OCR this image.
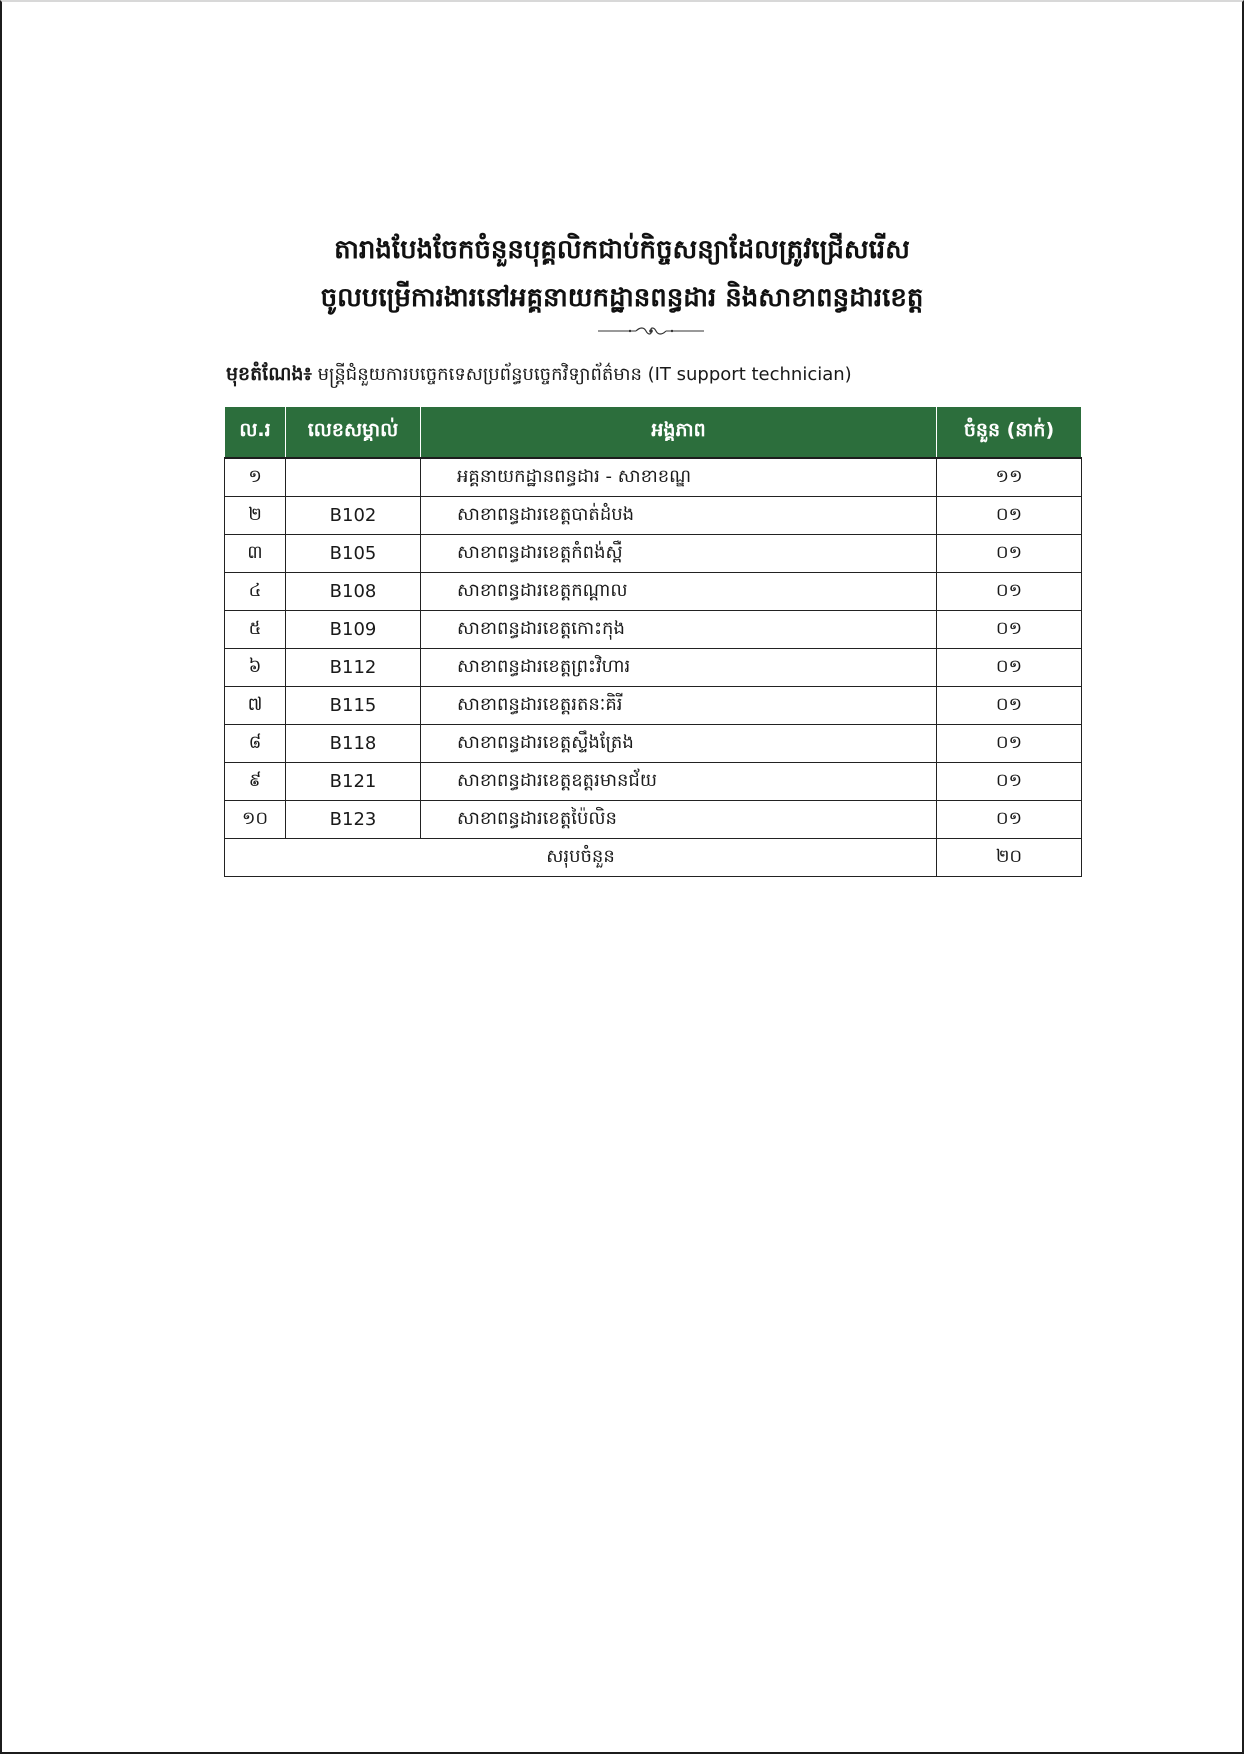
តារាងបែងចែកចំនួនបុគ្គលិកជាប់កិច្ចសន្យាដែលត្រូវជ្រើសរើស
ចូលបម្រើការងារនៅអគ្គនាយកដ្ឋានពន្ធដារ និងសាខាពន្ធដារខេត្ត
មុខតំណែង៖ មន្ត្រីជំនួយការបច្ចេកទេសប្រព័ន្ធបច្ចេកវិទ្យាព័ត៌មាន (IT support technician)
ល.រ	លេខសម្គាល់	អង្គភាព	ចំនួន (នាក់)
១		អគ្គនាយកដ្ឋានពន្ធដារ - សាខាខណ្ឌ	១១
២	B102	សាខាពន្ធដារខេត្តបាត់ដំបង	០១
៣	B105	សាខាពន្ធដារខេត្តកំពង់ស្ពឺ	០១
៤	B108	សាខាពន្ធដារខេត្តកណ្តាល	០១
៥	B109	សាខាពន្ធដារខេត្តកោះកុង	០១
៦	B112	សាខាពន្ធដារខេត្តព្រះវិហារ	០១
៧	B115	សាខាពន្ធដារខេត្តរតនៈគិរី	០១
៨	B118	សាខាពន្ធដារខេត្តស្ទឹងត្រែង	០១
៩	B121	សាខាពន្ធដារខេត្តឧត្តរមានជ័យ	០១
១០	B123	សាខាពន្ធដារខេត្តប៉ៃលិន	០១
សរុបចំនួន			២០
